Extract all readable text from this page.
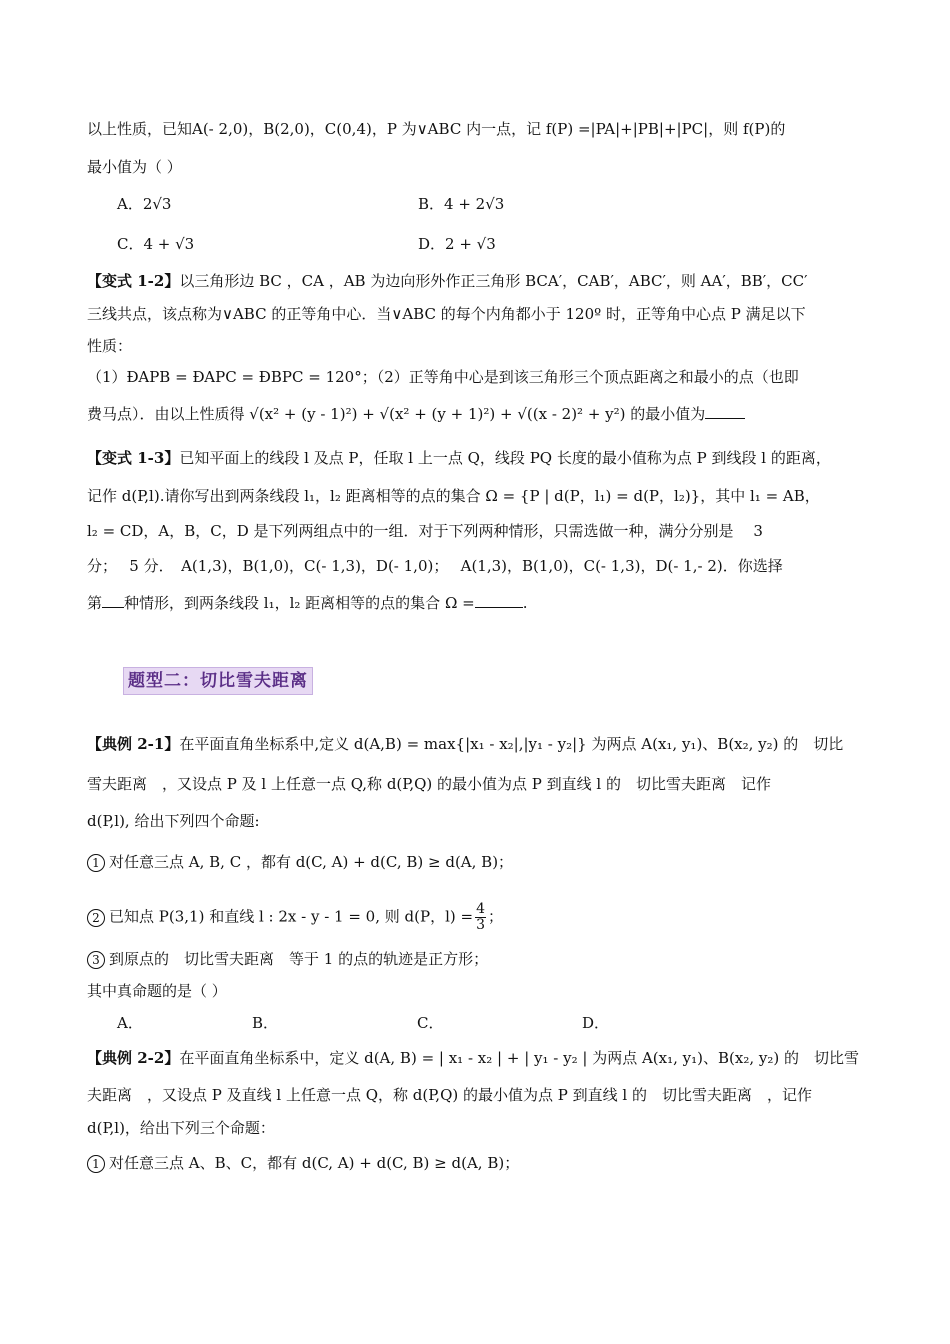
以上性质，已知A(- 2,0)，B(2,0)，C(0,4)，P 为∨ABC 内一点，记 f(P) =|PA|+|PB|+|PC|，则 f(P)的
最小值为（ ）
A．2√3	B．4 + 2√3
C．4 + √3	D．2 + √3
【变式 1-2】以三角形边 BC ，CA ，AB 为边向形外作正三角形 BCA′，CAB′，ABC′，则 AA′，BB′，CC′
三线共点，该点称为∨ABC 的正等角中心．当∨ABC 的每个内角都小于 120º 时，正等角中心点 P 满足以下
性质：
（1）ÐAPB = ÐAPC = ÐBPC = 120°；（2）正等角中心是到该三角形三个顶点距离之和最小的点（也即
费马点）．由以上性质得 √(x² + (y - 1)²) + √(x² + (y + 1)²) + √((x - 2)² + y²) 的最小值为
【变式 1-3】已知平面上的线段 l 及点 P，任取 l 上一点 Q，线段 PQ 长度的最小值称为点 P 到线段 l 的距离，
记作 d(P,l).请你写出到两条线段 l₁，l₂ 距离相等的点的集合 Ω = {P | d(P，l₁) = d(P，l₂)}，其中 l₁ = AB，
l₂ = CD，A，B，C，D 是下列两组点中的一组．对于下列两种情形，只需选做一种，满分分别是　 3
分；　 5 分．　A(1,3)，B(1,0)，C(- 1,3)，D(- 1,0)；　 A(1,3)，B(1,0)，C(- 1,3)，D(- 1,- 2)．你选择
第 种情形，到两条线段 l₁，l₂ 距离相等的点的集合 Ω =	.
题型二：切比雪夫距离
【典例 2-1】在平面直角坐标系中,定义 d(A,B) = max{|x₁ - x₂|,|y₁ - y₂|} 为两点 A(x₁, y₁)、B(x₂, y₂) 的　切比
雪夫距离　，又设点 P 及 l 上任意一点 Q,称 d(P,Q) 的最小值为点 P 到直线 l 的　切比雪夫距离　记作
d(P,l), 给出下列四个命题:
1 对任意三点 A, B, C ，都有 d(C, A) + d(C, B) ≥ d(A, B)；
2 已知点 P(3,1) 和直线 l : 2x - y - 1 = 0, 则 d(P，$l) = \frac{4}{3}$ ；
3 到原点的　切比雪夫距离　等于 1 的点的轨迹是正方形；
其中真命题的是（ ）
A．	B．	C．	D．
【典例 2-2】在平面直角坐标系中，定义 d(A, B) = | x₁ - x₂ | + | y₁ - y₂ | 为两点 A(x₁, y₁)、B(x₂, y₂) 的　切比雪
夫距离　，又设点 P 及直线 l 上任意一点 Q，称 d(P,Q) 的最小值为点 P 到直线 l 的　切比雪夫距离　，记作
d(P,l)，给出下列三个命题：
1 对任意三点 A、B、C，都有 d(C, A) + d(C, B) ≥ d(A, B)；
